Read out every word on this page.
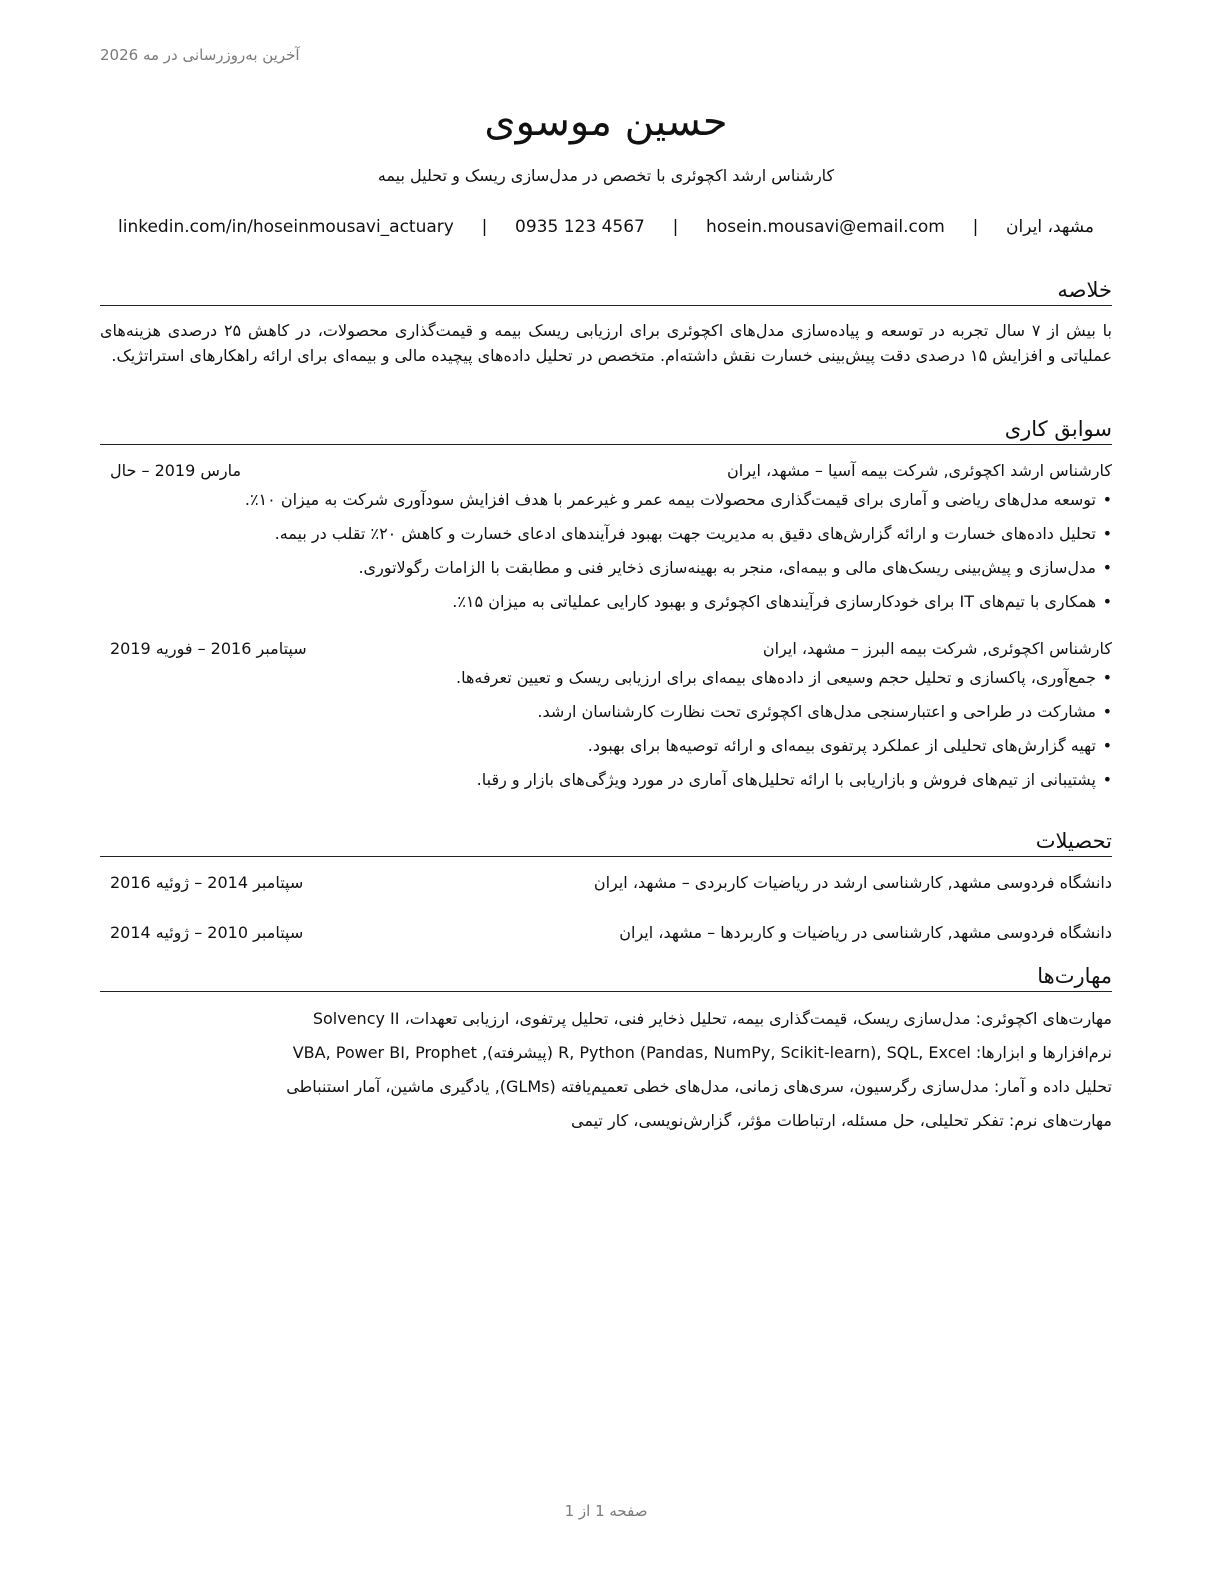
آخرین به‌روزرسانی در مه 2026
حسین موسوی
کارشناس ارشد اکچوئری با تخصص در مدل‌سازی ریسک و تحلیل بیمه
مشهد، ایران
|
hosein.mousavi@email.com
|
0935 123 4567
|
linkedin.com/in/hoseinmousavi_actuary
خلاصه
با بیش از ۷ سال تجربه در توسعه و پیاده‌سازی مدل‌های اکچوئری برای ارزیابی ریسک بیمه و قیمت‌گذاری محصولات، در کاهش ۲۵ درصدی هزینه‌های عملیاتی و افزایش ۱۵ درصدی دقت پیش‌بینی خسارت نقش داشته‌ام. متخصص در تحلیل داده‌های پیچیده مالی و بیمه‌ای برای ارائه راهکارهای استراتژیک.
سوابق کاری
کارشناس ارشد اکچوئری, شرکت بیمه آسیا – مشهد، ایران
مارس 2019 – حال
•
توسعه مدل‌های ریاضی و آماری برای قیمت‌گذاری محصولات بیمه عمر و غیرعمر با هدف افزایش سودآوری شرکت به میزان ۱۰٪.
•
تحلیل داده‌های خسارت و ارائه گزارش‌های دقیق به مدیریت جهت بهبود فرآیندهای ادعای خسارت و کاهش ۲۰٪ تقلب در بیمه.
•
مدل‌سازی و پیش‌بینی ریسک‌های مالی و بیمه‌ای، منجر به بهینه‌سازی ذخایر فنی و مطابقت با الزامات رگولاتوری.
•
همکاری با تیم‌های IT برای خودکارسازی فرآیندهای اکچوئری و بهبود کارایی عملیاتی به میزان ۱۵٪.
کارشناس اکچوئری, شرکت بیمه البرز – مشهد، ایران
سپتامبر 2016 – فوریه 2019
•
جمع‌آوری، پاکسازی و تحلیل حجم وسیعی از داده‌های بیمه‌ای برای ارزیابی ریسک و تعیین تعرفه‌ها.
•
مشارکت در طراحی و اعتبارسنجی مدل‌های اکچوئری تحت نظارت کارشناسان ارشد.
•
تهیه گزارش‌های تحلیلی از عملکرد پرتفوی بیمه‌ای و ارائه توصیه‌ها برای بهبود.
•
پشتیبانی از تیم‌های فروش و بازاریابی با ارائه تحلیل‌های آماری در مورد ویژگی‌های بازار و رقبا.
تحصیلات
دانشگاه فردوسی مشهد, کارشناسی ارشد در ریاضیات کاربردی – مشهد، ایران
سپتامبر 2014 – ژوئیه 2016
دانشگاه فردوسی مشهد, کارشناسی در ریاضیات و کاربردها – مشهد، ایران
سپتامبر 2010 – ژوئیه 2014
مهارت‌ها
مهارت‌های اکچوئری: مدل‌سازی ریسک، قیمت‌گذاری بیمه، تحلیل ذخایر فنی، تحلیل پرتفوی، ارزیابی تعهدات، Solvency II
نرم‌افزارها و ابزارها: R, Python (Pandas, NumPy, Scikit-learn), SQL, Excel (پیشرفته), VBA, Power BI, Prophet
تحلیل داده و آمار: مدل‌سازی رگرسیون، سری‌های زمانی، مدل‌های خطی تعمیم‌یافته (GLMs), یادگیری ماشین، آمار استنباطی
مهارت‌های نرم: تفکر تحلیلی، حل مسئله، ارتباطات مؤثر، گزارش‌نویسی، کار تیمی
صفحه 1 از 1
